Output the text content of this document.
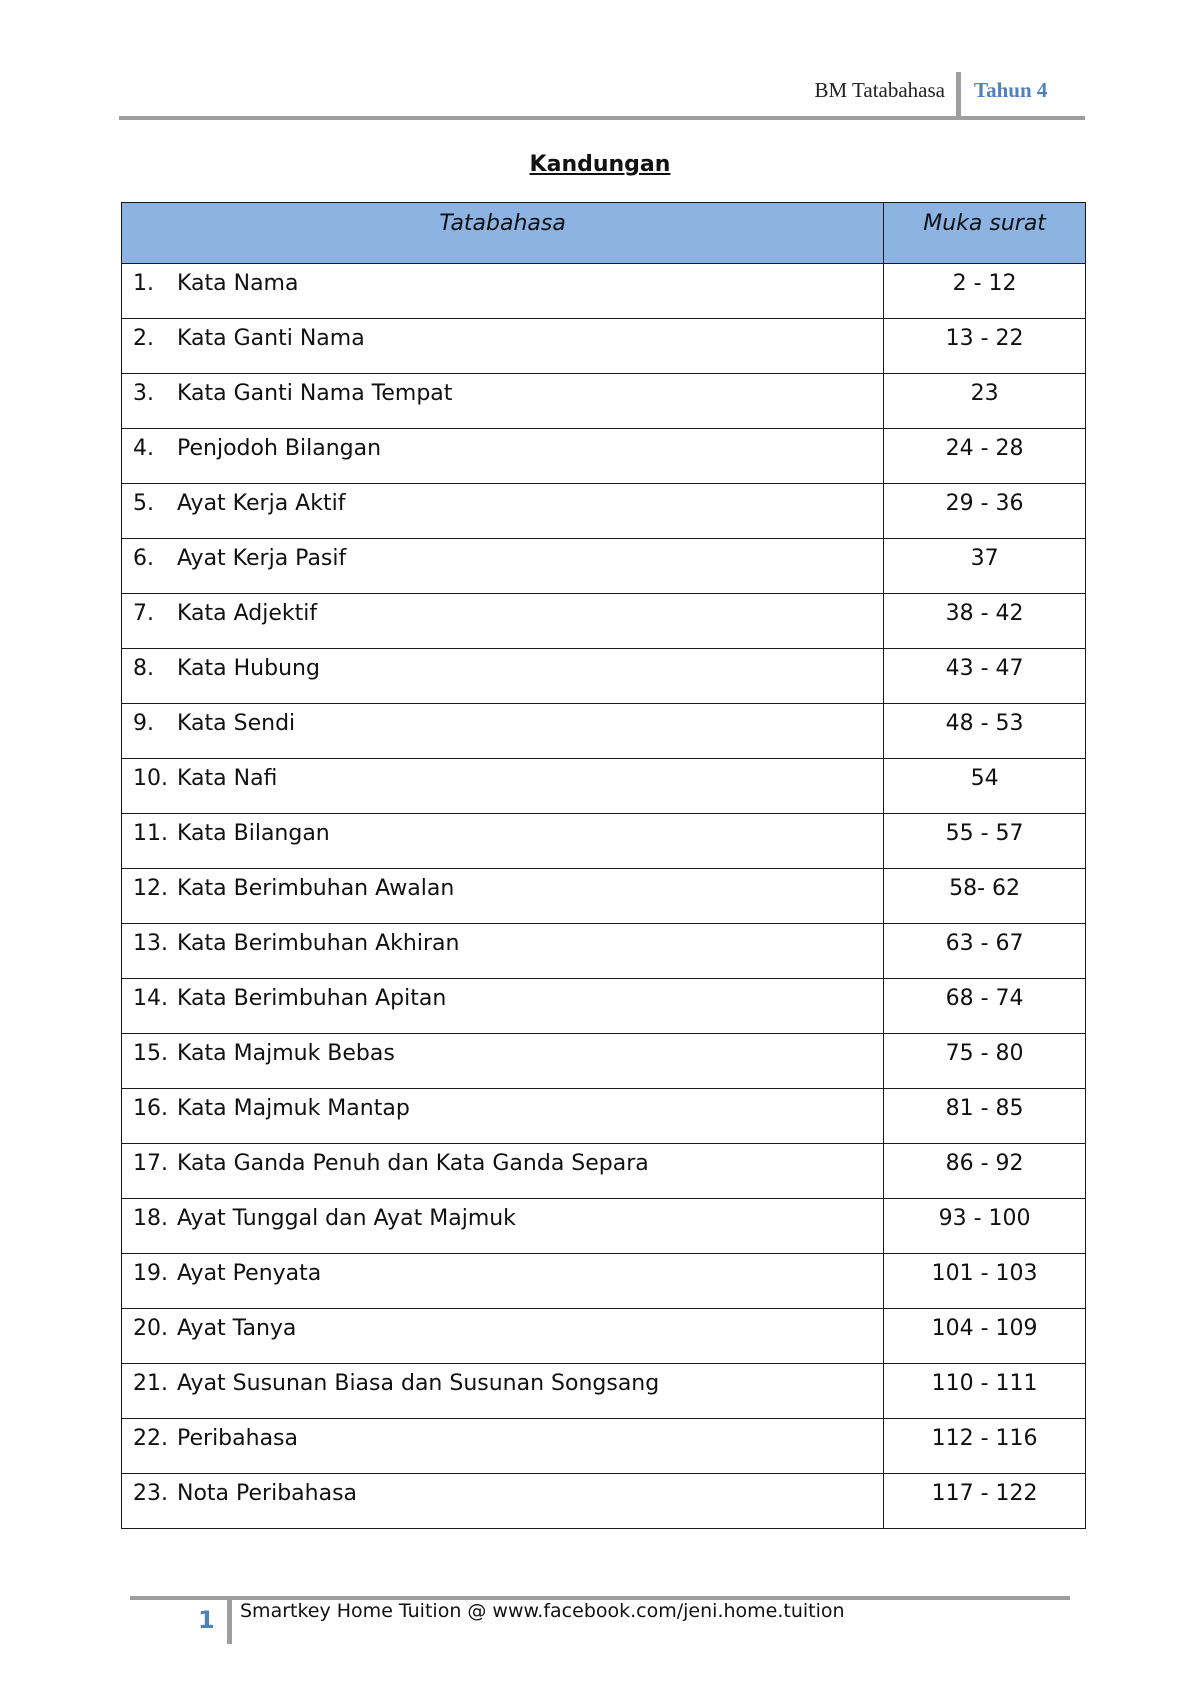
BM Tatabahasa Tahun 4
Kandungan
Tatabahasa	Muka surat
1. Kata Nama	2 - 12
2. Kata Ganti Nama	13 - 22
3. Kata Ganti Nama Tempat	23
4. Penjodoh Bilangan	24 - 28
5. Ayat Kerja Aktif	29 - 36
6. Ayat Kerja Pasif	37
7. Kata Adjektif	38 - 42
8. Kata Hubung	43 - 47
9. Kata Sendi	48 - 53
10. Kata Nafi	54
11. Kata Bilangan	55 - 57
12. Kata Berimbuhan Awalan	58- 62
13. Kata Berimbuhan Akhiran	63 - 67
14. Kata Berimbuhan Apitan	68 - 74
15. Kata Majmuk Bebas	75 - 80
16. Kata Majmuk Mantap	81 - 85
17. Kata Ganda Penuh dan Kata Ganda Separa	86 - 92
18. Ayat Tunggal dan Ayat Majmuk	93 - 100
19. Ayat Penyata	101 - 103
20. Ayat Tanya	104 - 109
21. Ayat Susunan Biasa dan Susunan Songsang	110 - 111
22. Peribahasa	112 - 116
23. Nota Peribahasa	117 - 122
1 Smartkey Home Tuition @ www.facebook.com/jeni.home.tuition
